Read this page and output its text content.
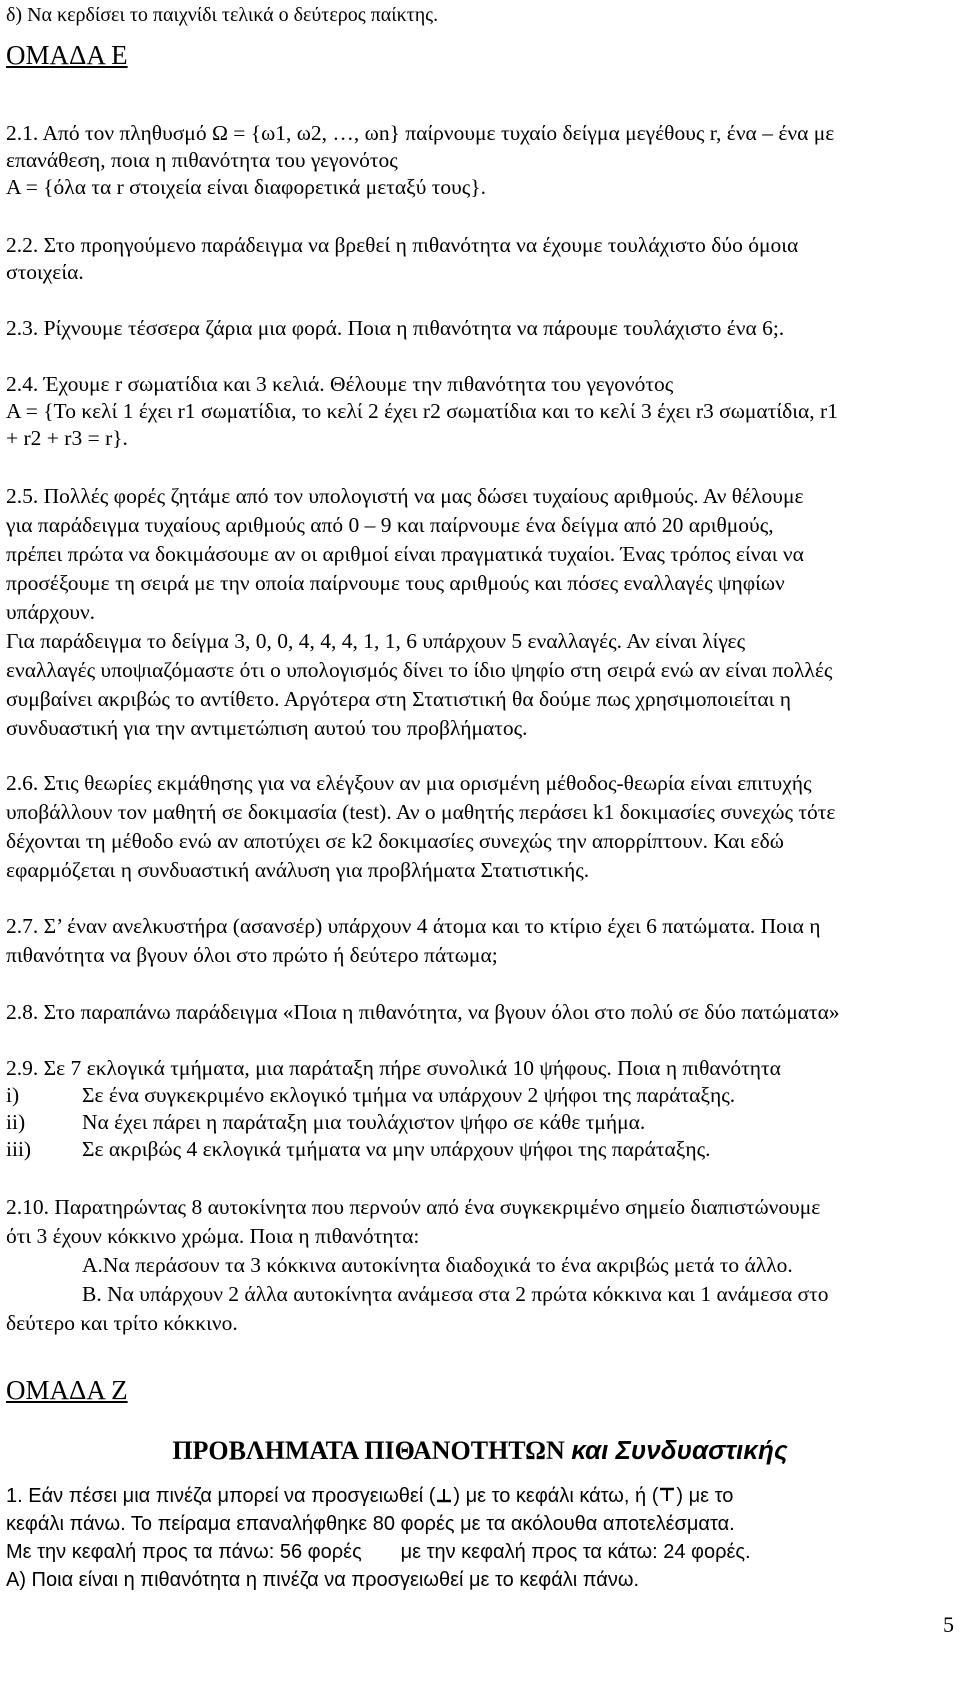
δ) Να κερδίσει το παιχνίδι τελικά ο δεύτερος παίκτης.
ΟΜΑΔΑ Ε
2.1. Από τον πληθυσμό Ω = {ω1, ω2, …, ωn} παίρνουμε τυχαίο δείγμα μεγέθους r, ένα – ένα με
επανάθεση, ποια η πιθανότητα του γεγονότος
Α = {όλα τα r στοιχεία είναι διαφορετικά μεταξύ τους}.
2.2. Στο προηγούμενο παράδειγμα να βρεθεί η πιθανότητα να έχουμε τουλάχιστο δύο όμοια
στοιχεία.
2.3. Ρίχνουμε τέσσερα ζάρια μια φορά. Ποια η πιθανότητα να πάρουμε τουλάχιστο ένα 6;.
2.4. Έχουμε r σωματίδια και 3 κελιά. Θέλουμε την πιθανότητα του γεγονότος
Α = {Το κελί 1 έχει r1 σωματίδια, το κελί 2 έχει r2 σωματίδια και το κελί 3 έχει r3 σωματίδια, r1
+ r2 + r3 = r}.
2.5. Πολλές φορές ζητάμε από τον υπολογιστή να μας δώσει τυχαίους αριθμούς. Αν θέλουμε
για παράδειγμα τυχαίους αριθμούς από 0 – 9 και παίρνουμε ένα δείγμα από 20 αριθμούς,
πρέπει πρώτα να δοκιμάσουμε αν οι αριθμοί είναι πραγματικά τυχαίοι. Ένας τρόπος είναι να
προσέξουμε τη σειρά με την οποία παίρνουμε τους αριθμούς και πόσες εναλλαγές ψηφίων
υπάρχουν.
Για παράδειγμα το δείγμα 3, 0, 0, 4, 4, 4, 1, 1, 6 υπάρχουν 5 εναλλαγές. Αν είναι λίγες
εναλλαγές υποψιαζόμαστε ότι ο υπολογισμός δίνει το ίδιο ψηφίο στη σειρά ενώ αν είναι πολλές
συμβαίνει ακριβώς το αντίθετο. Αργότερα στη Στατιστική θα δούμε πως χρησιμοποιείται η
συνδυαστική για την αντιμετώπιση αυτού του προβλήματος.
2.6. Στις θεωρίες εκμάθησης για να ελέγξουν αν μια ορισμένη μέθοδος-θεωρία είναι επιτυχής
υποβάλλουν τον μαθητή σε δοκιμασία (test). Αν ο μαθητής περάσει k1 δοκιμασίες συνεχώς τότε
δέχονται τη μέθοδο ενώ αν αποτύχει σε k2 δοκιμασίες συνεχώς την απορρίπτουν. Και εδώ
εφαρμόζεται η συνδυαστική ανάλυση για προβλήματα Στατιστικής.
2.7. Σ’ έναν ανελκυστήρα (ασανσέρ) υπάρχουν 4 άτομα και το κτίριο έχει 6 πατώματα. Ποια η
πιθανότητα να βγουν όλοι στο πρώτο ή δεύτερο πάτωμα;
2.8. Στο παραπάνω παράδειγμα «Ποια η πιθανότητα, να βγουν όλοι στο πολύ σε δύο πατώματα»
2.9. Σε 7 εκλογικά τμήματα, μια παράταξη πήρε συνολικά 10 ψήφους. Ποια η πιθανότητα
i)	Σε ένα συγκεκριμένο εκλογικό τμήμα να υπάρχουν 2 ψήφοι της παράταξης.
ii)	Να έχει πάρει η παράταξη μια τουλάχιστον ψήφο σε κάθε τμήμα.
iii) Σε ακριβώς 4 εκλογικά τμήματα να μην υπάρχουν ψήφοι της παράταξης.
2.10. Παρατηρώντας 8 αυτοκίνητα που περνούν από ένα συγκεκριμένο σημείο διαπιστώνουμε
ότι 3 έχουν κόκκινο χρώμα. Ποια η πιθανότητα:
Α.Να περάσουν τα 3 κόκκινα αυτοκίνητα διαδοχικά το ένα ακριβώς μετά το άλλο.
Β. Να υπάρχουν 2 άλλα αυτοκίνητα ανάμεσα στα 2 πρώτα κόκκινα και 1 ανάμεσα στο
δεύτερο και τρίτο κόκκινο.
ΟΜΑΔΑ Ζ
ΠΡΟΒΛΗΜΑΤΑ ΠΙΘΑΝΟΤΗΤΩΝ και Συνδυαστικής
1. Εάν πέσει μια πινέζα μπορεί να προσγειωθεί ( ) με το κεφάλι κάτω, ή ( ) με το
κεφάλι πάνω. Το πείραμα επαναλήφθηκε 80 φορές με τα ακόλουθα αποτελέσματα.
Με την κεφαλή προς τα πάνω: 56 φορές       με την κεφαλή προς τα κάτω: 24 φορές.
Α) Ποια είναι η πιθανότητα η πινέζα να προσγειωθεί με το κεφάλι πάνω.
5
